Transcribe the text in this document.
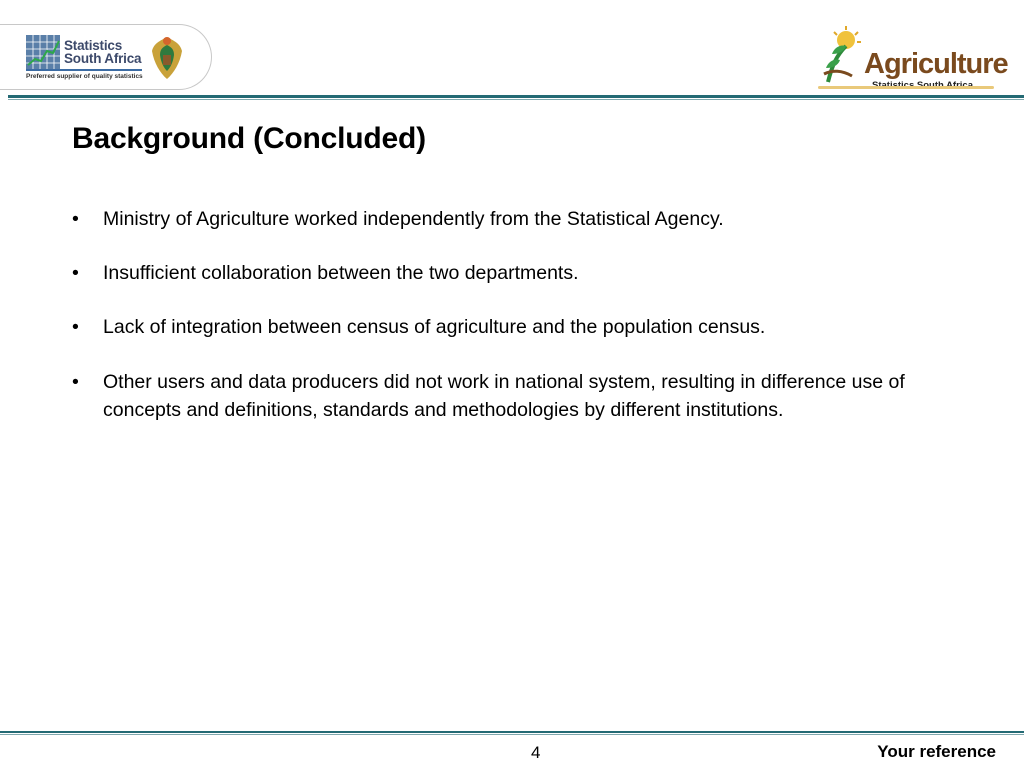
Statistics
South Africa
Preferred supplier of quality statistics	Agriculture
Background (Concluded)
• Ministry of Agriculture worked independently from the Statistical Agency.
• Insufficient collaboration between the two departments.
• Lack of integration between census of agriculture and the population census.
• Other users and data producers did not work in national system, resulting in difference use of concepts and definitions, standards and methodologies by different institutions.
4	Your reference
